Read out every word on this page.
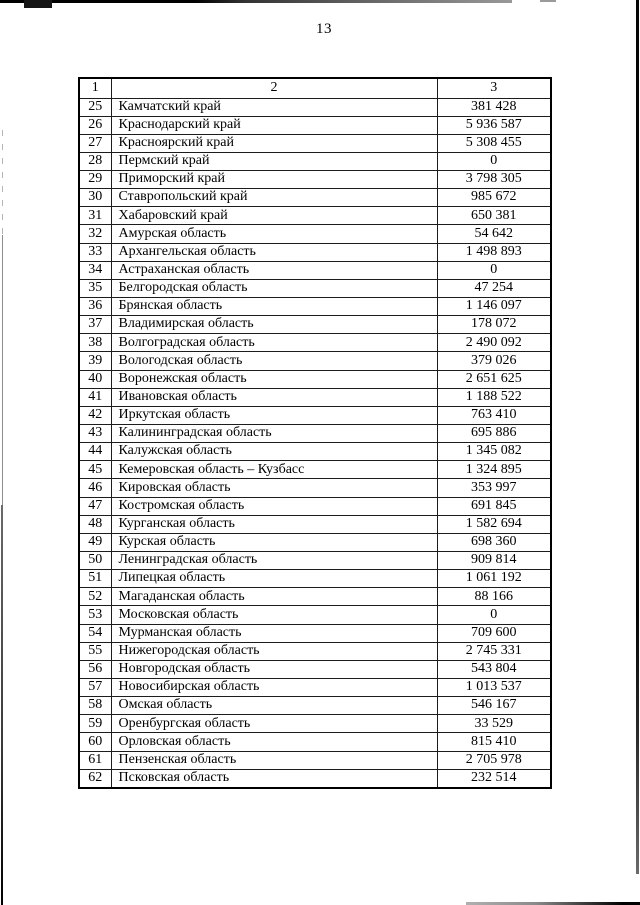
13
1	2	3
25	Камчатский край	381 428
26	Краснодарский край	5 936 587
27	Красноярский край	5 308 455
28	Пермский край	0
29	Приморский край	3 798 305
30	Ставропольский край	985 672
31	Хабаровский край	650 381
32	Амурская область	54 642
33	Архангельская область	1 498 893
34	Астраханская область	0
35	Белгородская область	47 254
36	Брянская область	1 146 097
37	Владимирская область	178 072
38	Волгоградская область	2 490 092
39	Вологодская область	379 026
40	Воронежская область	2 651 625
41	Ивановская область	1 188 522
42	Иркутская область	763 410
43	Калининградская область	695 886
44	Калужская область	1 345 082
45	Кемеровская область – Кузбасс	1 324 895
46	Кировская область	353 997
47	Костромская область	691 845
48	Курганская область	1 582 694
49	Курская область	698 360
50	Ленинградская область	909 814
51	Липецкая область	1 061 192
52	Магаданская область	88 166
53	Московская область	0
54	Мурманская область	709 600
55	Нижегородская область	2 745 331
56	Новгородская область	543 804
57	Новосибирская область	1 013 537
58	Омская область	546 167
59	Оренбургская область	33 529
60	Орловская область	815 410
61	Пензенская область	2 705 978
62	Псковская область	232 514
